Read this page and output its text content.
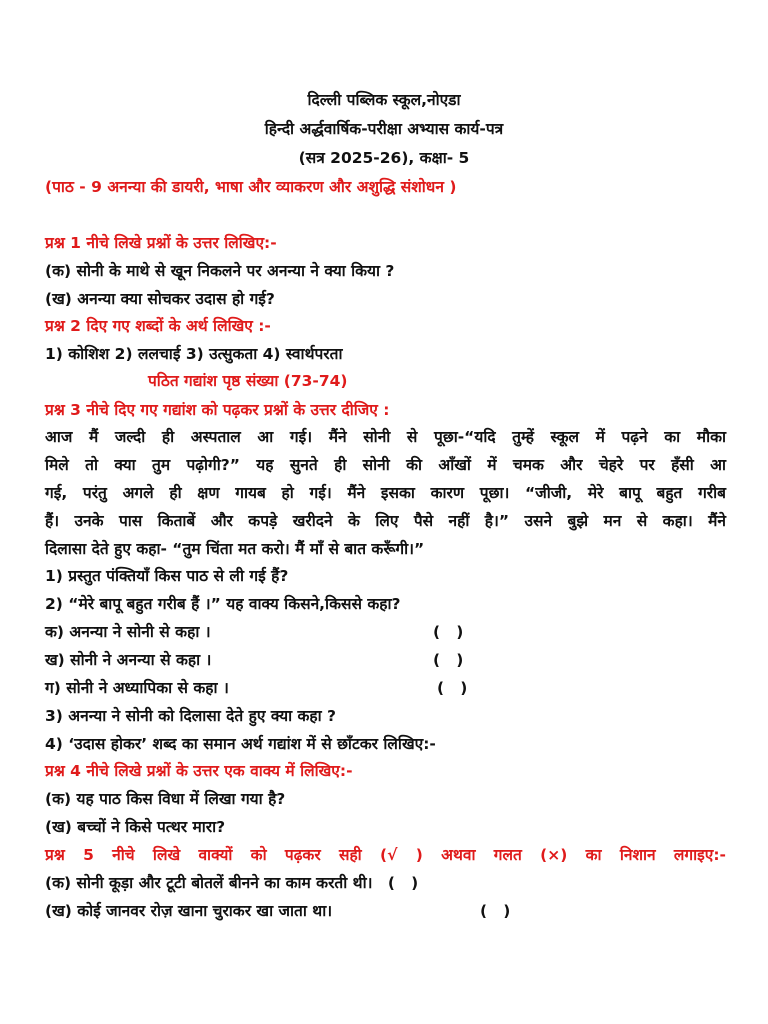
दिल्ली पब्लिक स्कूल,नोएडा
हिन्दी अर्द्धवार्षिक-परीक्षा अभ्यास कार्य-पत्र
(सत्र 2025-26), कक्षा- 5
(पाठ - 9 अनन्या की डायरी, भाषा और व्याकरण और अशुद्धि संशोधन )
प्रश्न 1 नीचे लिखे प्रश्नों के उत्तर लिखिए:-
(क) सोनी के माथे से खून निकलने पर अनन्या ने क्या किया ?
(ख) अनन्या क्या सोचकर उदास हो गई?
प्रश्न 2 दिए गए शब्दों के अर्थ लिखिए :-
1) कोशिश 2) ललचाई 3) उत्सुकता 4) स्वार्थपरता
पठित गद्यांश पृष्ठ संख्या (73-74)
प्रश्न 3 नीचे दिए गए गद्यांश को पढ़कर प्रश्नों के उत्तर दीजिए :
आज मैं जल्दी ही अस्पताल आ गई। मैंने सोनी से पूछा-“यदि तुम्हें स्कूल में पढ़ने का मौका
मिले तो क्या तुम पढ़ोगी?” यह सुनते ही सोनी की आँखों में चमक और चेहरे पर हँसी आ
गई, परंतु अगले ही क्षण गायब हो गई। मैंने इसका कारण पूछा। “जीजी, मेरे बापू बहुत गरीब
हैं। उनके पास किताबें और कपड़े खरीदने के लिए पैसे नहीं है।” उसने बुझे मन से कहा। मैंने
दिलासा देते हुए कहा- “तुम चिंता मत करो। मैं माँ से बात करूँगी।”
1) प्रस्तुत पंक्तियाँ किस पाठ से ली गई हैं?
2) “मेरे बापू बहुत गरीब हैं ।” यह वाक्य किसने,किससे कहा?
क) अनन्या ने सोनी से कहा ।	(   )
ख) सोनी ने अनन्या से कहा ।	(   )
ग) सोनी ने अध्यापिका से कहा ।	(   )
3) अनन्या ने सोनी को दिलासा देते हुए क्या कहा ?
4) ‘उदास होकर’ शब्द का समान अर्थ गद्यांश में से छाँटकर लिखिए:-
प्रश्न 4 नीचे लिखे प्रश्नों के उत्तर एक वाक्य में लिखिए:-
(क) यह पाठ किस विधा में लिखा गया है?
(ख) बच्चों ने किसे पत्थर मारा?
प्रश्न 5 नीचे लिखे वाक्यों को पढ़कर सही (√ ) अथवा गलत (×) का निशान लगाइए:-
(क) सोनी कूड़ा और टूटी बोतलें बीनने का काम करती थी। (   )
(ख) कोई जानवर रोज़ खाना चुराकर खा जाता था।	(   )
